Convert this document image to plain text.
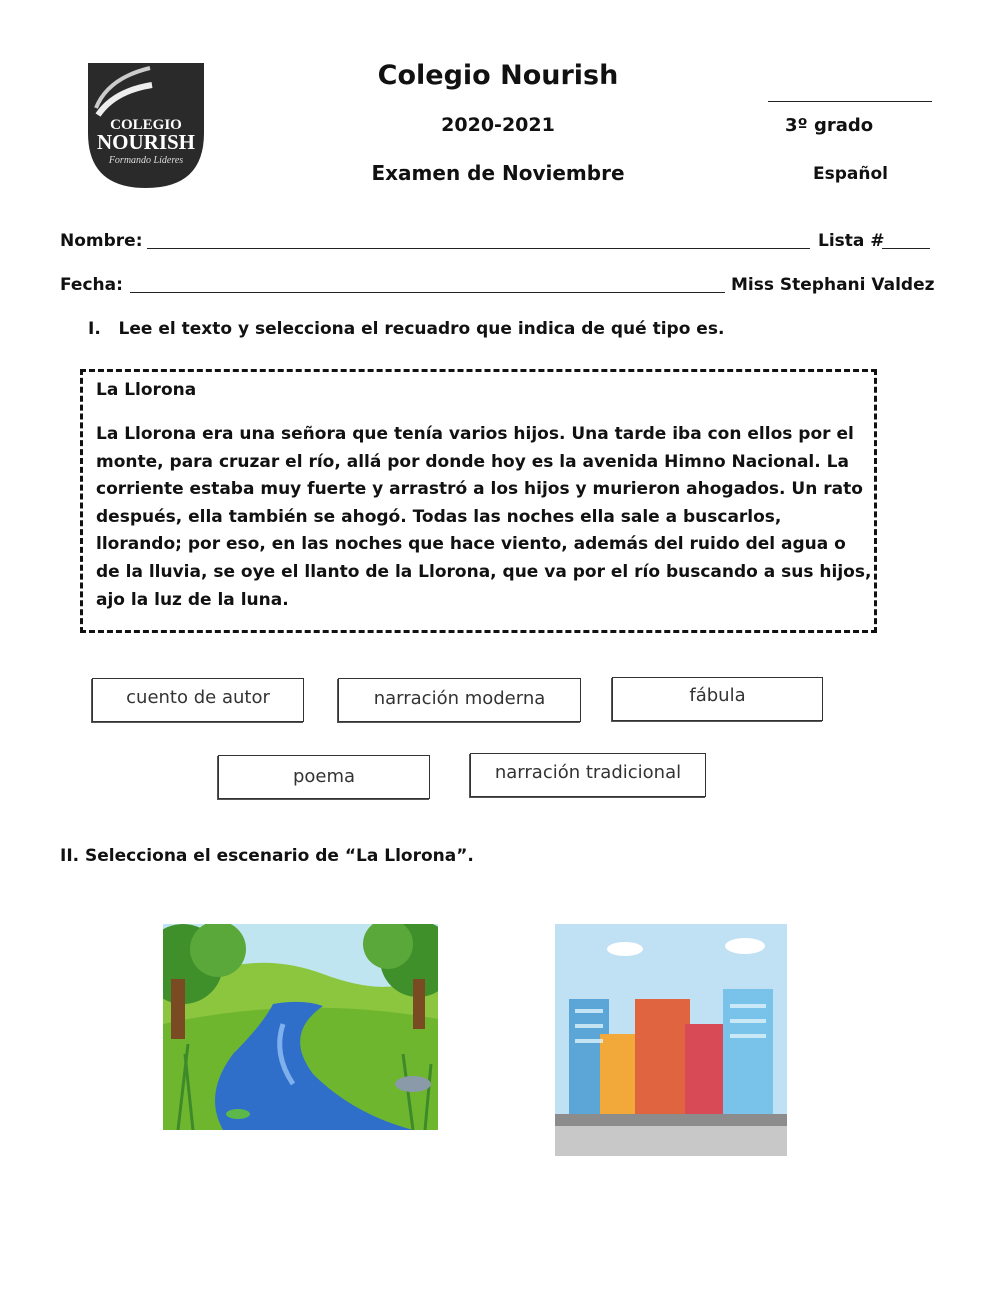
COLEGIO
NOURISH
Formando Líderes
Colegio Nourish
2020-2021
Examen de Noviembre
3º grado
Español
Nombre:	Lista #
Fecha:	Miss Stephani Valdez
I.   Lee el texto y selecciona el recuadro que indica de qué tipo es.
La Llorona
La Llorona era una señora que tenía varios hijos. Una tarde iba con ellos por el
monte, para cruzar el río, allá por donde hoy es la avenida Himno Nacional. La
corriente estaba muy fuerte y arrastró a los hijos y murieron ahogados. Un rato
después, ella también se ahogó. Todas las noches ella sale a buscarlos,
llorando; por eso, en las noches que hace viento, además del ruido del agua o
de la lluvia, se oye el llanto de la Llorona, que va por el río buscando a sus hijos,
ajo la luz de la luna.
cuento de autor	narración moderna	fábula
poema	narración tradicional
II. Selecciona el escenario de “La Llorona”.
